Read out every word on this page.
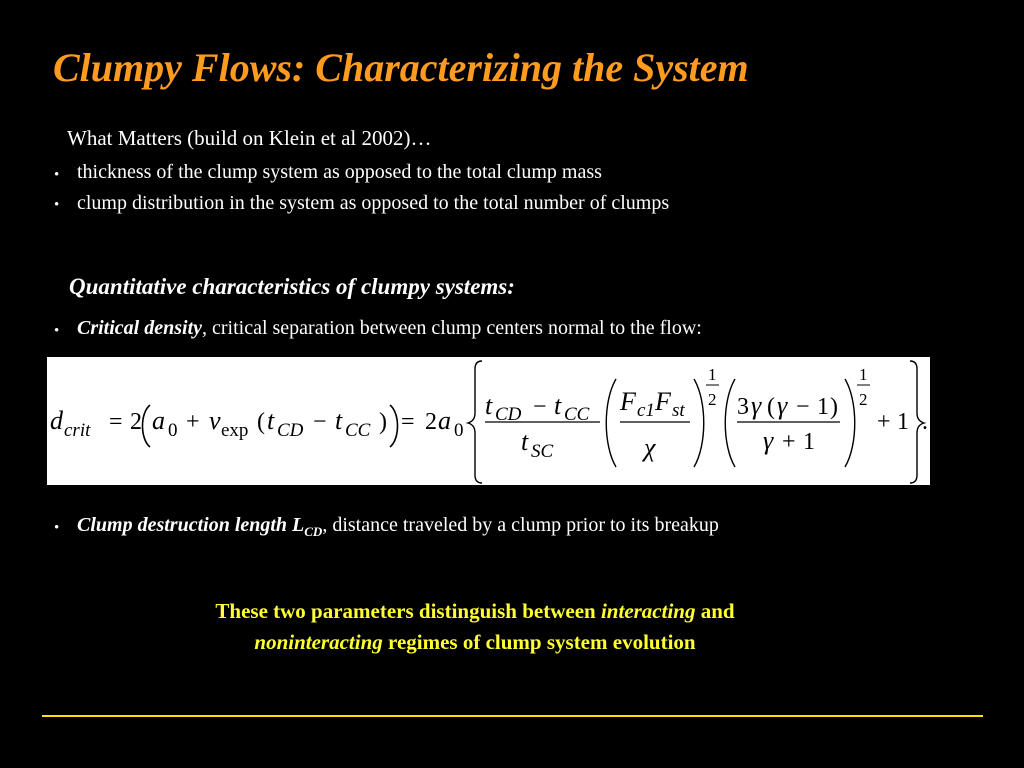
Clumpy Flows: Characterizing the System
What Matters (build on Klein et al 2002)…
• thickness of the clump system as opposed to the total clump mass
• clump distribution in the system as opposed to the total number of clumps
Quantitative characteristics of clumpy systems:
• Critical density, critical separation between clump centers normal to the flow:
d crit = 2 a 0 + v exp ( t CD − t CC ) = 2 a 0
t CD − t CC
t SC
F c1 F st
χ
1
2 3 γ ( γ − 1 )
γ + 1
1
2
+ 1 .
• Clump destruction length $L_{CD}$, distance traveled by a clump prior to its breakup
These two parameters distinguish between interacting and
noninteracting regimes of clump system evolution
